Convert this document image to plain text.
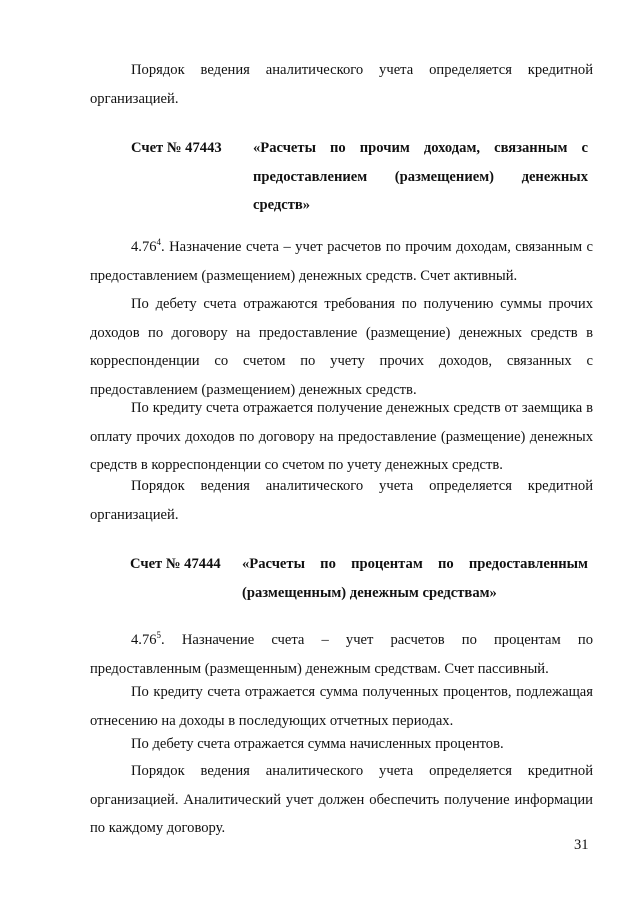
Порядок ведения аналитического учета определяется кредитной организацией.

Счет № 47443 «Расчеты по прочим доходам, связанным с предоставлением (размещением) денежных средств»

4.76$^4$. Назначение счета – учет расчетов по прочим доходам, связанным с предоставлением (размещением) денежных средств. Счет активный.

По дебету счета отражаются требования по получению суммы прочих доходов по договору на предоставление (размещение) денежных средств в корреспонденции со счетом по учету прочих доходов, связанных с предоставлением (размещением) денежных средств.

По кредиту счета отражается получение денежных средств от заемщика в оплату прочих доходов по договору на предоставление (размещение) денежных средств в корреспонденции со счетом по учету денежных средств.

Порядок ведения аналитического учета определяется кредитной организацией.

Счет № 47444 «Расчеты по процентам по предоставленным (размещенным) денежным средствам»

4.76$^5$. Назначение счета – учет расчетов по процентам по предоставленным (размещенным) денежным средствам. Счет пассивный.

По кредиту счета отражается сумма полученных процентов, подлежащая отнесению на доходы в последующих отчетных периодах.

По дебету счета отражается сумма начисленных процентов.

Порядок ведения аналитического учета определяется кредитной организацией. Аналитический учет должен обеспечить получение информации по каждому договору.

31
